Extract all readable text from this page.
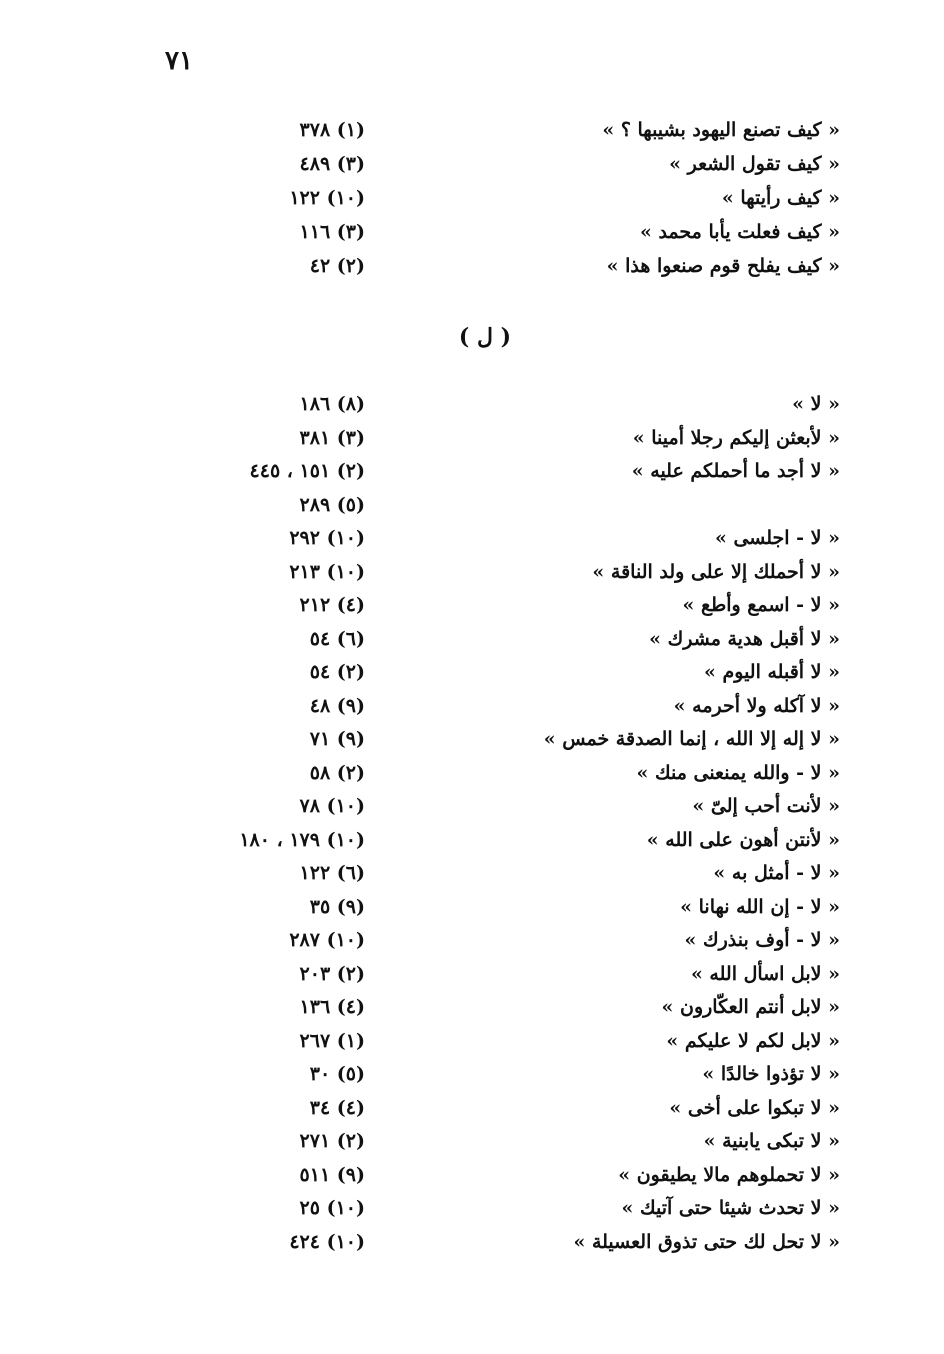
٧١
« كيف تصنع اليهود بشيبها ؟ »
(١) ٣٧٨
« كيف تقول الشعر »
(٣) ٤٨٩
« كيف رأيتها »
(١٠) ١٢٢
« كيف فعلت يأبا محمد »
(٣) ١١٦
« كيف يفلح قوم صنعوا هذا »
(٢) ٤٢
( ل )
« لا »
(٨) ١٨٦
« لأبعثن إليكم رجلا أمينا »
(٣) ٣٨١
« لا أجد ما أحملكم عليه »
(٢) ١٥١ ، ٤٤٥
(٥) ٢٨٩
« لا - اجلسى »
(١٠) ٢٩٢
« لا أحملك إلا على ولد الناقة »
(١٠) ٢١٣
« لا - اسمع وأطع »
(٤) ٢١٢
« لا أقبل هدية مشرك »
(٦) ٥٤
« لا أقبله اليوم »
(٢) ٥٤
« لا آكله ولا أحرمه »
(٩) ٤٨
« لا إله إلا الله ، إنما الصدقة خمس »
(٩) ٧١
« لا - والله يمنعنى منك »
(٢) ٥٨
« لأنت أحب إلىّ »
(١٠) ٧٨
« لأنتن أهون على الله »
(١٠) ١٧٩ ، ١٨٠
« لا - أمثل به »
(٦) ١٢٢
« لا - إن الله نهانا »
(٩) ٣٥
« لا - أوف بنذرك »
(١٠) ٢٨٧
« لابل اسأل الله »
(٢) ٢٠٣
« لابل أنتم العكّارون »
(٤) ١٣٦
« لابل لكم لا عليكم »
(١) ٢٦٧
« لا تؤذوا خالدًا »
(٥) ٣٠
« لا تبكوا على أخى »
(٤) ٣٤
« لا تبكى يابنية »
(٢) ٢٧١
« لا تحملوهم مالا يطيقون »
(٩) ٥١١
« لا تحدث شيئا حتى آتيك »
(١٠) ٢٥
« لا تحل لك حتى تذوق العسيلة »
(١٠) ٤٢٤
